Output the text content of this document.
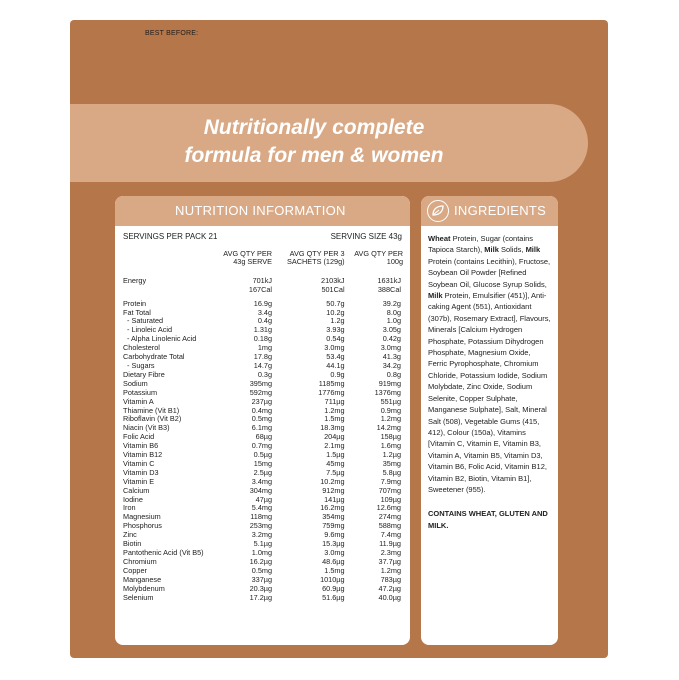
BEST BEFORE:
Nutritionally complete
formula for men & women
NUTRITION INFORMATION
SERVINGS PER PACK 21	SERVING SIZE 43g
	AVG QTY PER 43g SERVE	AVG QTY PER 3 SACHETS (129g)	AVG QTY PER 100g
Energy	701kJ	2103kJ	1631kJ
	167Cal	501Cal	388Cal

Protein	16.9g	50.7g	39.2g
Fat Total	3.4g	10.2g	8.0g
- Saturated	0.4g	1.2g	1.0g
- Linoleic Acid	1.31g	3.93g	3.05g
- Alpha Linolenic Acid	0.18g	0.54g	0.42g
Cholesterol	1mg	3.0mg	3.0mg
Carbohydrate Total	17.8g	53.4g	41.3g
- Sugars	14.7g	44.1g	34.2g
Dietary Fibre	0.3g	0.9g	0.8g
Sodium	395mg	1185mg	919mg
Potassium	592mg	1776mg	1376mg
Vitamin A	237µg	711µg	551µg
Thiamine (Vit B1)	0.4mg	1.2mg	0.9mg
Riboflavin (Vit B2)	0.5mg	1.5mg	1.2mg
Niacin (Vit B3)	6.1mg	18.3mg	14.2mg
Folic Acid	68µg	204µg	158µg
Vitamin B6	0.7mg	2.1mg	1.6mg
Vitamin B12	0.5µg	1.5µg	1.2µg
Vitamin C	15mg	45mg	35mg
Vitamin D3	2.5µg	7.5µg	5.8µg
Vitamin E	3.4mg	10.2mg	7.9mg
Calcium	304mg	912mg	707mg
Iodine	47µg	141µg	109µg
Iron	5.4mg	16.2mg	12.6mg
Magnesium	118mg	354mg	274mg
Phosphorus	253mg	759mg	588mg
Zinc	3.2mg	9.6mg	7.4mg
Biotin	5.1µg	15.3µg	11.9µg
Pantothenic Acid (Vit B5)	1.0mg	3.0mg	2.3mg
Chromium	16.2µg	48.6µg	37.7µg
Copper	0.5mg	1.5mg	1.2mg
Manganese	337µg	1010µg	783µg
Molybdenum	20.3µg	60.9µg	47.2µg
Selenium	17.2µg	51.6µg	40.0µg
INGREDIENTS
Wheat Protein, Sugar (contains Tapioca Starch), Milk Solids, Milk Protein (contains Lecithin), Fructose, Soybean Oil Powder [Refined Soybean Oil, Glucose Syrup Solids, Milk Protein, Emulsifier (451)], Anti-caking Agent (551), Antioxidant (307b), Rosemary Extract], Flavours, Minerals [Calcium Hydrogen Phosphate, Potassium Dihydrogen Phosphate, Magnesium Oxide, Ferric Pyrophosphate, Chromium Chloride, Potassium Iodide, Sodium Molybdate, Zinc Oxide, Sodium Selenite, Copper Sulphate, Manganese Sulphate], Salt, Mineral Salt (508), Vegetable Gums (415, 412), Colour (150a), Vitamins [Vitamin C, Vitamin E, Vitamin B3, Vitamin A, Vitamin B5, Vitamin D3, Vitamin B6, Folic Acid, Vitamin B12, Vitamin B2, Biotin, Vitamin B1], Sweetener (955).
CONTAINS WHEAT, GLUTEN AND MILK.
